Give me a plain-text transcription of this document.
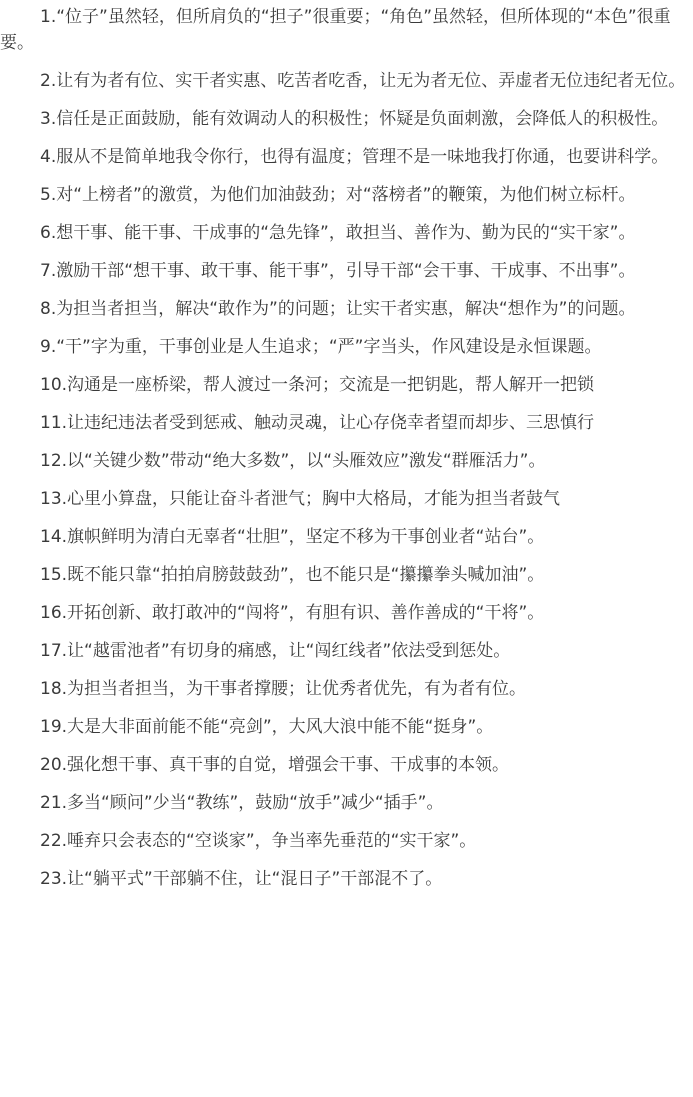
1.“位子”虽然轻，但所肩负的“担子”很重要；“角色”虽然轻，但所体现的“本色”很重要。

2.让有为者有位、实干者实惠、吃苦者吃香，让无为者无位、弄虚者无位违纪者无位。

3.信任是正面鼓励，能有效调动人的积极性；怀疑是负面刺激，会降低人的积极性。

4.服从不是简单地我令你行，也得有温度；管理不是一味地我打你通，也要讲科学。

5.对“上榜者”的激赏，为他们加油鼓劲；对“落榜者”的鞭策，为他们树立标杆。

6.想干事、能干事、干成事的“急先锋”，敢担当、善作为、勤为民的“实干家”。

7.激励干部“想干事、敢干事、能干事”，引导干部“会干事、干成事、不出事”。

8.为担当者担当，解决“敢作为”的问题；让实干者实惠，解决“想作为”的问题。

9.“干”字为重，干事创业是人生追求；“严”字当头，作风建设是永恒课题。

10.沟通是一座桥梁，帮人渡过一条河；交流是一把钥匙，帮人解开一把锁

11.让违纪违法者受到惩戒、触动灵魂，让心存侥幸者望而却步、三思慎行

12.以“关键少数”带动“绝大多数”，以“头雁效应”激发“群雁活力”。

13.心里小算盘，只能让奋斗者泄气；胸中大格局，才能为担当者鼓气

14.旗帜鲜明为清白无辜者“壮胆”，坚定不移为干事创业者“站台”。

15.既不能只靠“拍拍肩膀鼓鼓劲”，也不能只是“攥攥拳头喊加油”。

16.开拓创新、敢打敢冲的“闯将”，有胆有识、善作善成的“干将”。

17.让“越雷池者”有切身的痛感，让“闯红线者”依法受到惩处。

18.为担当者担当，为干事者撑腰；让优秀者优先，有为者有位。

19.大是大非面前能不能“亮剑”，大风大浪中能不能“挺身”。

20.强化想干事、真干事的自觉，增强会干事、干成事的本领。

21.多当“顾问”少当“教练”，鼓励“放手”减少“插手”。

22.唾弃只会表态的“空谈家”，争当率先垂范的“实干家”。

23.让“躺平式”干部躺不住，让“混日子”干部混不了。
